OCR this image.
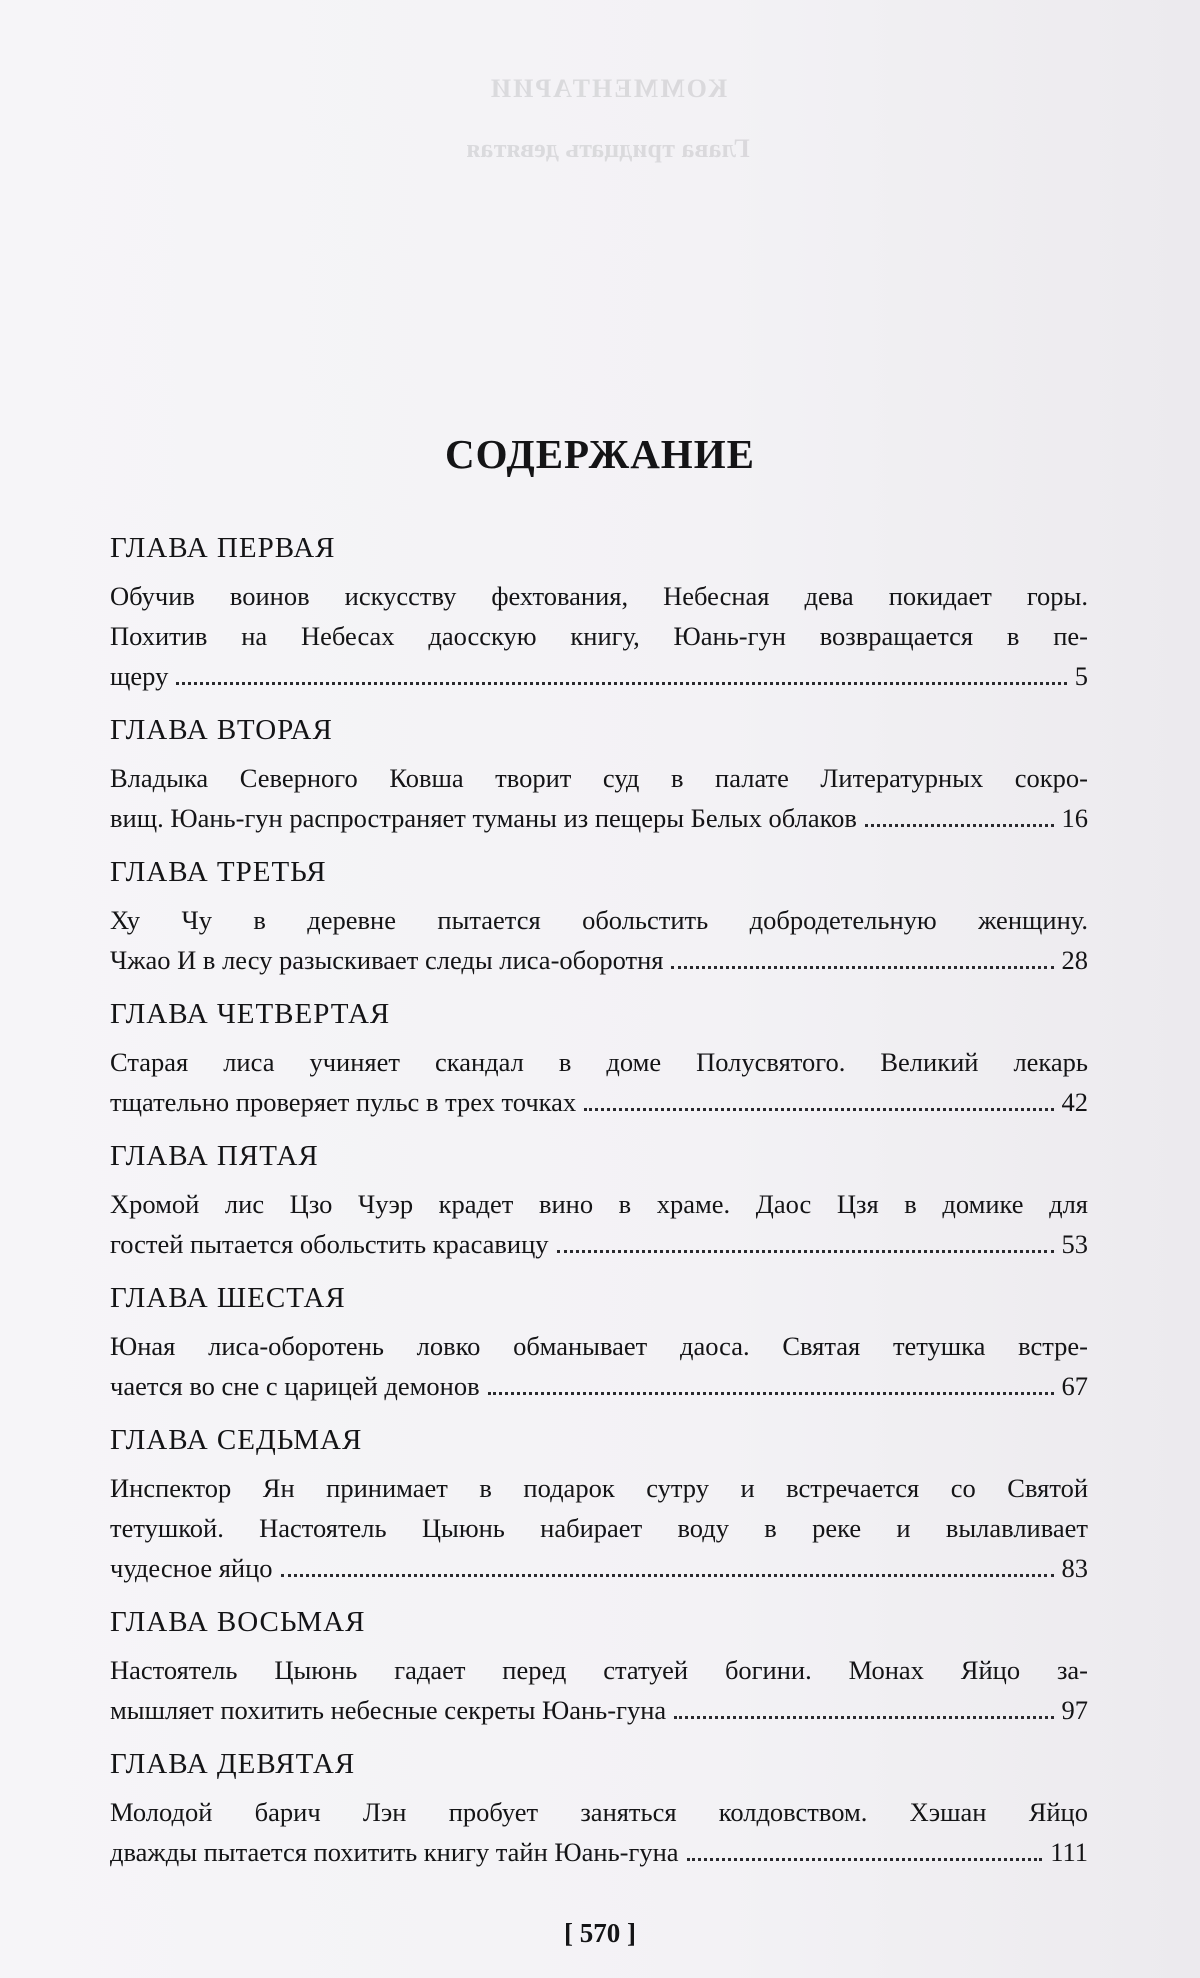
КОММЕНТАРИИ
Глава тридцать девятая
СОДЕРЖАНИЕ
ГЛАВА ПЕРВАЯ
Обучив воинов искусству фехтования, Небесная дева покидает горы.
Похитив на Небесах даосскую книгу, Юань-гун возвращается в пе-
щеру	5
ГЛАВА ВТОРАЯ
Владыка Северного Ковша творит суд в палате Литературных сокро-
вищ. Юань-гун распространяет туманы из пещеры Белых облаков	16
ГЛАВА ТРЕТЬЯ
Ху Чу в деревне пытается обольстить добродетельную женщину.
Чжао И в лесу разыскивает следы лиса-оборотня	28
ГЛАВА ЧЕТВЕРТАЯ
Старая лиса учиняет скандал в доме Полусвятого. Великий лекарь
тщательно проверяет пульс в трех точках	42
ГЛАВА ПЯТАЯ
Хромой лис Цзо Чуэр крадет вино в храме. Даос Цзя в домике для
гостей пытается обольстить красавицу	53
ГЛАВА ШЕСТАЯ
Юная лиса-оборотень ловко обманывает даоса. Святая тетушка встре-
чается во сне с царицей демонов	67
ГЛАВА СЕДЬМАЯ
Инспектор Ян принимает в подарок сутру и встречается со Святой
тетушкой. Настоятель Цыюнь набирает воду в реке и вылавливает
чудесное яйцо	83
ГЛАВА ВОСЬМАЯ
Настоятель Цыюнь гадает перед статуей богини. Монах Яйцо за-
мышляет похитить небесные секреты Юань-гуна	97
ГЛАВА ДЕВЯТАЯ
Молодой барич Лэн пробует заняться колдовством. Хэшан Яйцо
дважды пытается похитить книгу тайн Юань-гуна	111
[ 570 ]
